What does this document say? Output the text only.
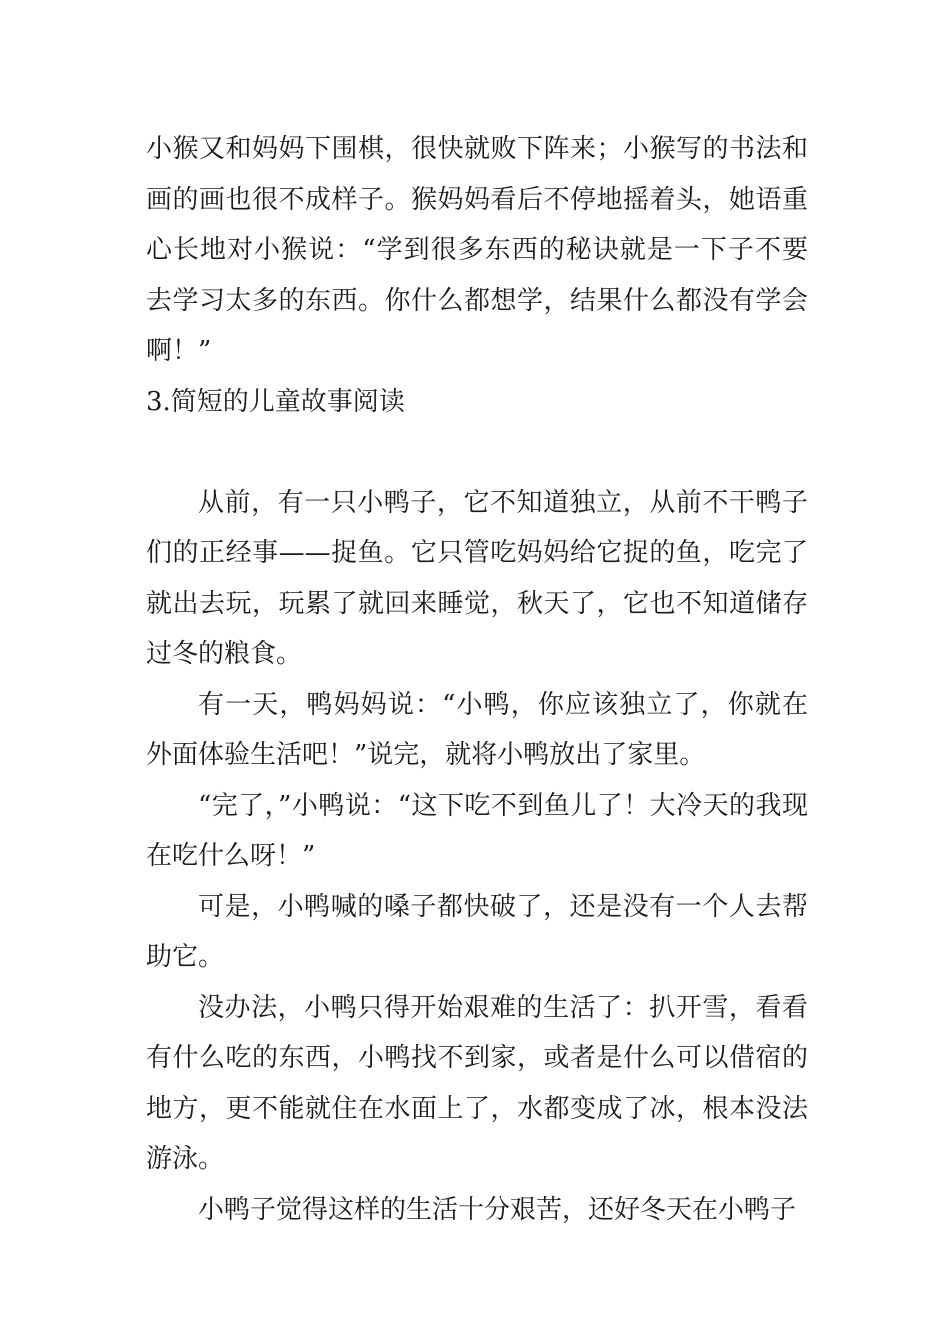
小猴又和妈妈下围棋，很快就败下阵来；小猴写的书法和画的画也很不成样子。猴妈妈看后不停地摇着头，她语重心长地对小猴说：“学到很多东西的秘诀就是一下子不要去学习太多的东西。你什么都想学，结果什么都没有学会啊！”

3.简短的儿童故事阅读

从前，有一只小鸭子，它不知道独立，从前不干鸭子们的正经事——捉鱼。它只管吃妈妈给它捉的鱼，吃完了就出去玩，玩累了就回来睡觉，秋天了，它也不知道储存过冬的粮食。

有一天，鸭妈妈说：“小鸭，你应该独立了，你就在外面体验生活吧！”说完，就将小鸭放出了家里。

“完了，”小鸭说：“这下吃不到鱼儿了！大冷天的我现在吃什么呀！”

可是，小鸭喊的嗓子都快破了，还是没有一个人去帮助它。

没办法，小鸭只得开始艰难的生活了：扒开雪，看看有什么吃的东西，小鸭找不到家，或者是什么可以借宿的地方，更不能就住在水面上了，水都变成了冰，根本没法游泳。

小鸭子觉得这样的生活十分艰苦，还好冬天在小鸭子
